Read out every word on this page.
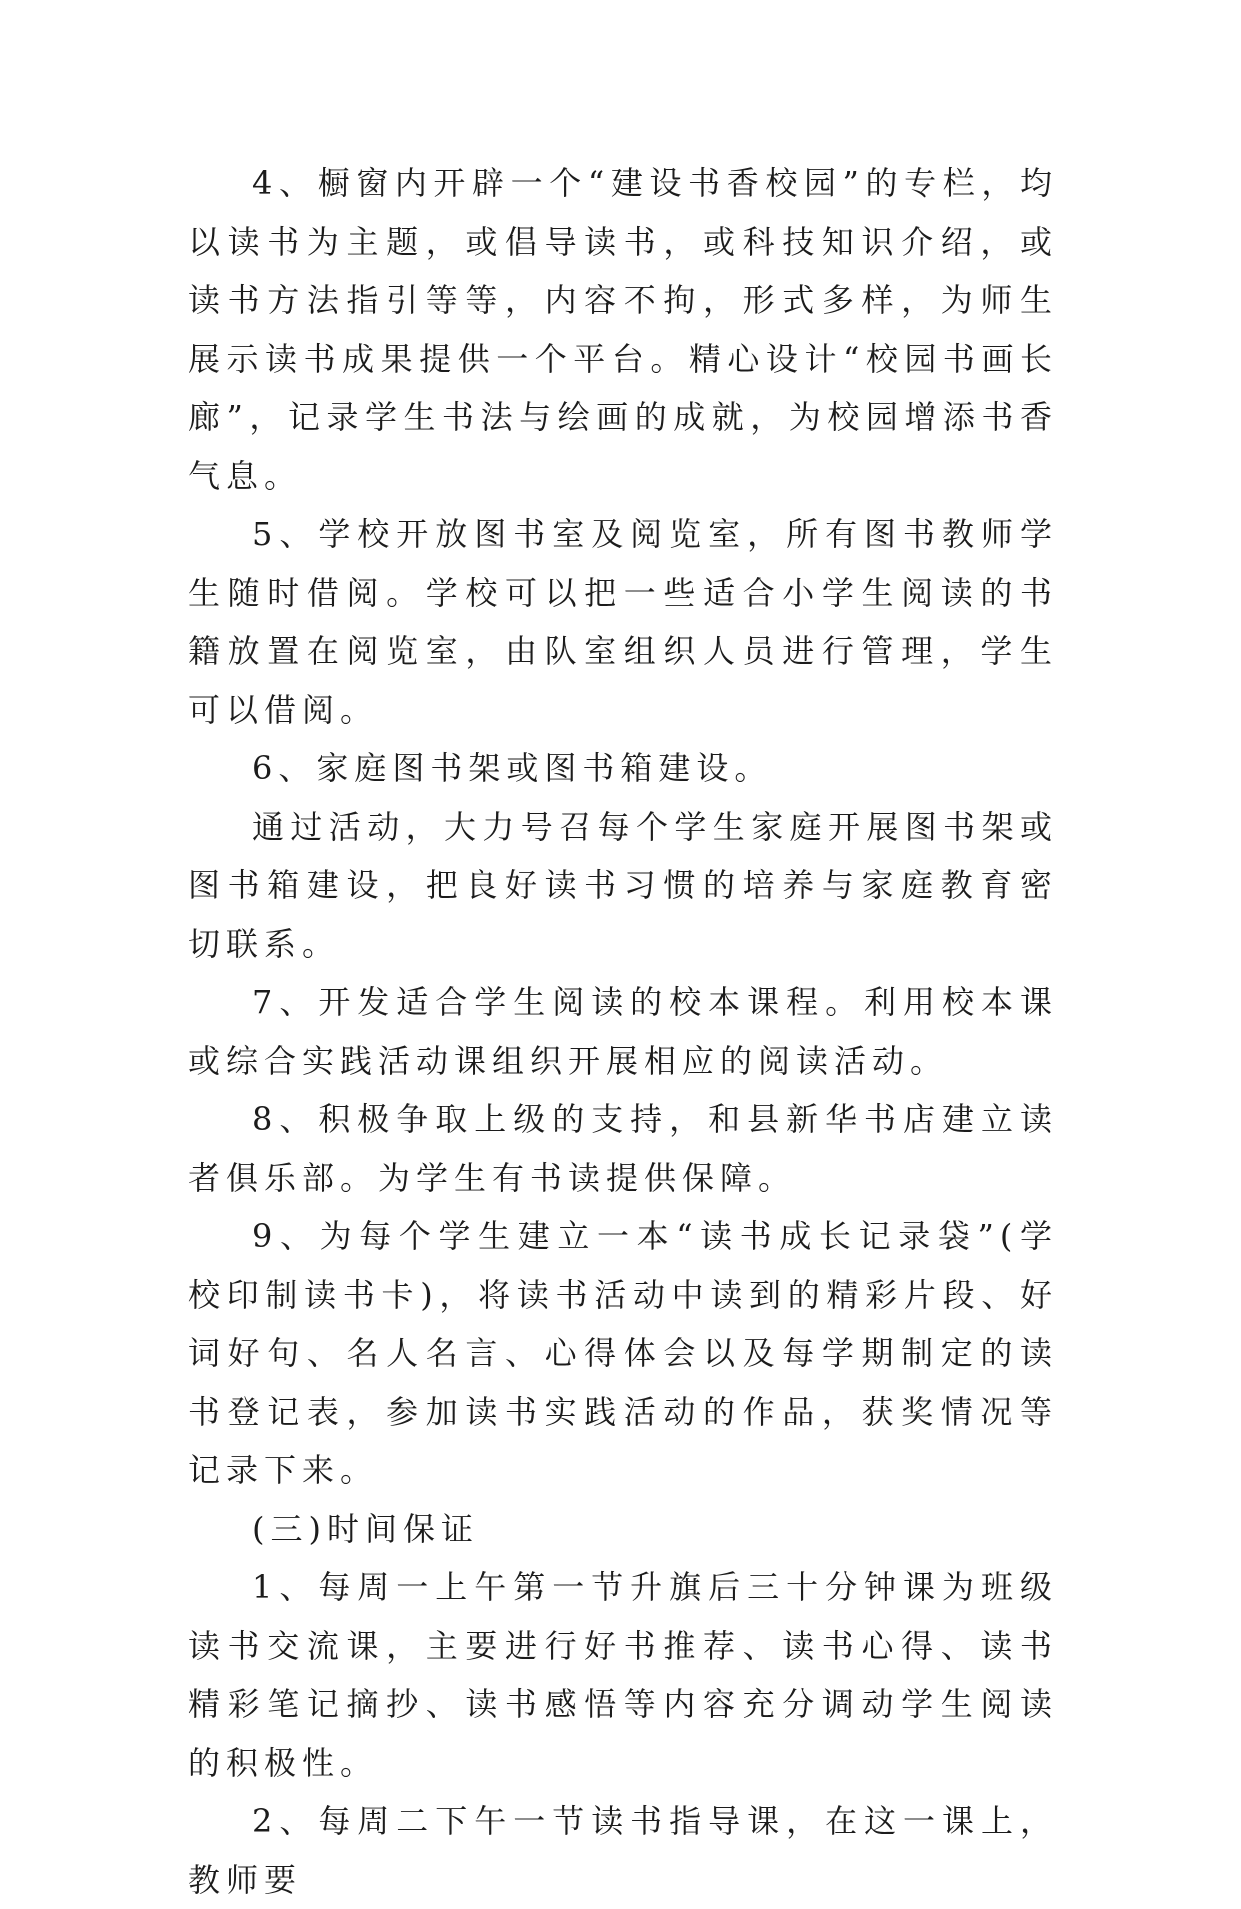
4、橱窗内开辟一个“建设书香校园”的专栏，均以读书为主题，或倡导读书，或科技知识介绍，或读书方法指引等等，内容不拘，形式多样，为师生展示读书成果提供一个平台。精心设计“校园书画长廊”，记录学生书法与绘画的成就，为校园增添书香气息。

5、学校开放图书室及阅览室，所有图书教师学生随时借阅。学校可以把一些适合小学生阅读的书籍放置在阅览室，由队室组织人员进行管理，学生可以借阅。

6、家庭图书架或图书箱建设。

通过活动，大力号召每个学生家庭开展图书架或图书箱建设，把良好读书习惯的培养与家庭教育密切联系。

7、开发适合学生阅读的校本课程。利用校本课或综合实践活动课组织开展相应的阅读活动。

8、积极争取上级的支持，和县新华书店建立读者俱乐部。为学生有书读提供保障。

9、为每个学生建立一本“读书成长记录袋”(学校印制读书卡)，将读书活动中读到的精彩片段、好词好句、名人名言、心得体会以及每学期制定的读书登记表，参加读书实践活动的作品，获奖情况等记录下来。

(三)时间保证

1、每周一上午第一节升旗后三十分钟课为班级读书交流课，主要进行好书推荐、读书心得、读书精彩笔记摘抄、读书感悟等内容充分调动学生阅读的积极性。

2、每周二下午一节读书指导课，在这一课上，教师要
